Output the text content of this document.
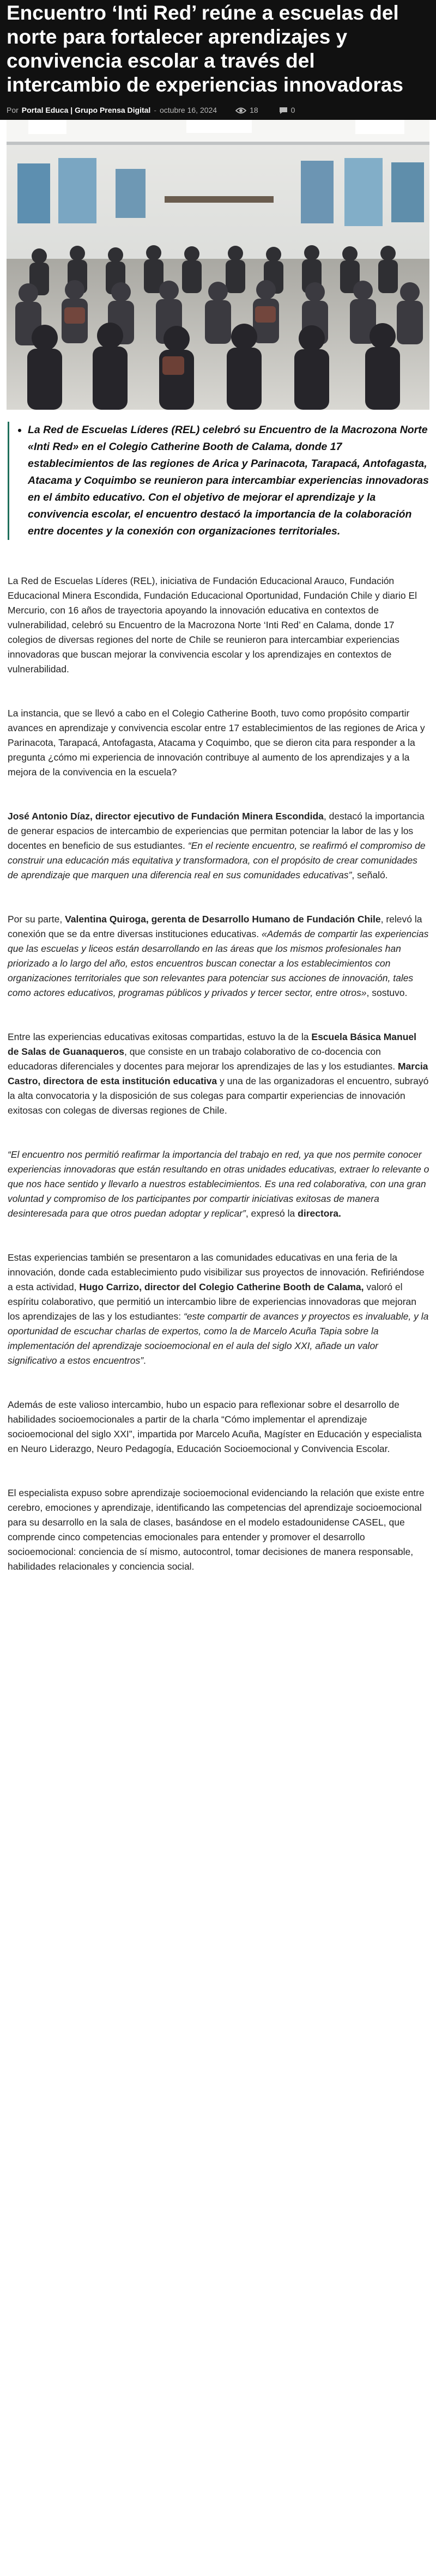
Encuentro ‘Inti Red’ reúne a escuelas del norte para fortalecer aprendizajes y convivencia escolar a través del intercambio de experiencias innovadoras
Por Portal Educa | Grupo Prensa Digital - octubre 16, 2024	18	0
• La Red de Escuelas Líderes (REL) celebró su Encuentro de la Macrozona Norte «Inti Red» en el Colegio Catherine Booth de Calama, donde 17 establecimientos de las regiones de Arica y Parinacota, Tarapacá, Antofagasta, Atacama y Coquimbo se reunieron para intercambiar experiencias innovadoras en el ámbito educativo. Con el objetivo de mejorar el aprendizaje y la convivencia escolar, el encuentro destacó la importancia de la colaboración entre docentes y la conexión con organizaciones territoriales.

La Red de Escuelas Líderes (REL), iniciativa de Fundación Educacional Arauco, Fundación Educacional Minera Escondida, Fundación Educacional Oportunidad, Fundación Chile y diario El Mercurio, con 16 años de trayectoria apoyando la innovación educativa en contextos de vulnerabilidad, celebró su Encuentro de la Macrozona Norte ‘Inti Red’ en Calama, donde 17 colegios de diversas regiones del norte de Chile se reunieron para intercambiar experiencias innovadoras que buscan mejorar la convivencia escolar y los aprendizajes en contextos de vulnerabilidad.

La instancia, que se llevó a cabo en el Colegio Catherine Booth, tuvo como propósito compartir avances en aprendizaje y convivencia escolar entre 17 establecimientos de las regiones de Arica y Parinacota, Tarapacá, Antofagasta, Atacama y Coquimbo, que se dieron cita para responder a la pregunta ¿cómo mi experiencia de innovación contribuye al aumento de los aprendizajes y a la mejora de la convivencia en la escuela?

José Antonio Díaz, director ejecutivo de Fundación Minera Escondida, destacó la importancia de generar espacios de intercambio de experiencias que permitan potenciar la labor de las y los docentes en beneficio de sus estudiantes. “En el reciente encuentro, se reafirmó el compromiso de construir una educación más equitativa y transformadora, con el propósito de crear comunidades de aprendizaje que marquen una diferencia real en sus comunidades educativas”, señaló.

Por su parte, Valentina Quiroga, gerenta de Desarrollo Humano de Fundación Chile, relevó la conexión que se da entre diversas instituciones educativas. «Además de compartir las experiencias que las escuelas y liceos están desarrollando en las áreas que los mismos profesionales han priorizado a lo largo del año, estos encuentros buscan conectar a los establecimientos con organizaciones territoriales que son relevantes para potenciar sus acciones de innovación, tales como actores educativos, programas públicos y privados y tercer sector, entre otros», sostuvo.

Entre las experiencias educativas exitosas compartidas, estuvo la de la Escuela Básica Manuel de Salas de Guanaqueros, que consiste en un trabajo colaborativo de co-docencia con educadoras diferenciales y docentes para mejorar los aprendizajes de las y los estudiantes. Marcia Castro, directora de esta institución educativa y una de las organizadoras el encuentro, subrayó la alta convocatoria y la disposición de sus colegas para compartir experiencias de innovación exitosas con colegas de diversas regiones de Chile.

“El encuentro nos permitió reafirmar la importancia del trabajo en red, ya que nos permite conocer experiencias innovadoras que están resultando en otras unidades educativas, extraer lo relevante o que nos hace sentido y llevarlo a nuestros establecimientos. Es una red colaborativa, con una gran voluntad y compromiso de los participantes por compartir iniciativas exitosas de manera desinteresada para que otros puedan adoptar y replicar”, expresó la directora.

Estas experiencias también se presentaron a las comunidades educativas en una feria de la innovación, donde cada establecimiento pudo visibilizar sus proyectos de innovación. Refiriéndose a esta actividad, Hugo Carrizo, director del Colegio Catherine Booth de Calama, valoró el espíritu colaborativo, que permitió un intercambio libre de experiencias innovadoras que mejoran los aprendizajes de las y los estudiantes: “este compartir de avances y proyectos es invaluable, y la oportunidad de escuchar charlas de expertos, como la de Marcelo Acuña Tapia sobre la implementación del aprendizaje socioemocional en el aula del siglo XXI, añade un valor significativo a estos encuentros”.

Además de este valioso intercambio, hubo un espacio para reflexionar sobre el desarrollo de habilidades socioemocionales a partir de la charla “Cómo implementar el aprendizaje socioemocional del siglo XXI”, impartida por Marcelo Acuña, Magíster en Educación y especialista en Neuro Liderazgo, Neuro Pedagogía, Educación Socioemocional y Convivencia Escolar.

El especialista expuso sobre aprendizaje socioemocional evidenciando la relación que existe entre cerebro, emociones y aprendizaje, identificando las competencias del aprendizaje socioemocional para su desarrollo en la sala de clases, basándose en el modelo estadounidense CASEL, que comprende cinco competencias emocionales para entender y promover el desarrollo socioemocional: conciencia de sí mismo, autocontrol, tomar decisiones de manera responsable, habilidades relacionales y conciencia social.
